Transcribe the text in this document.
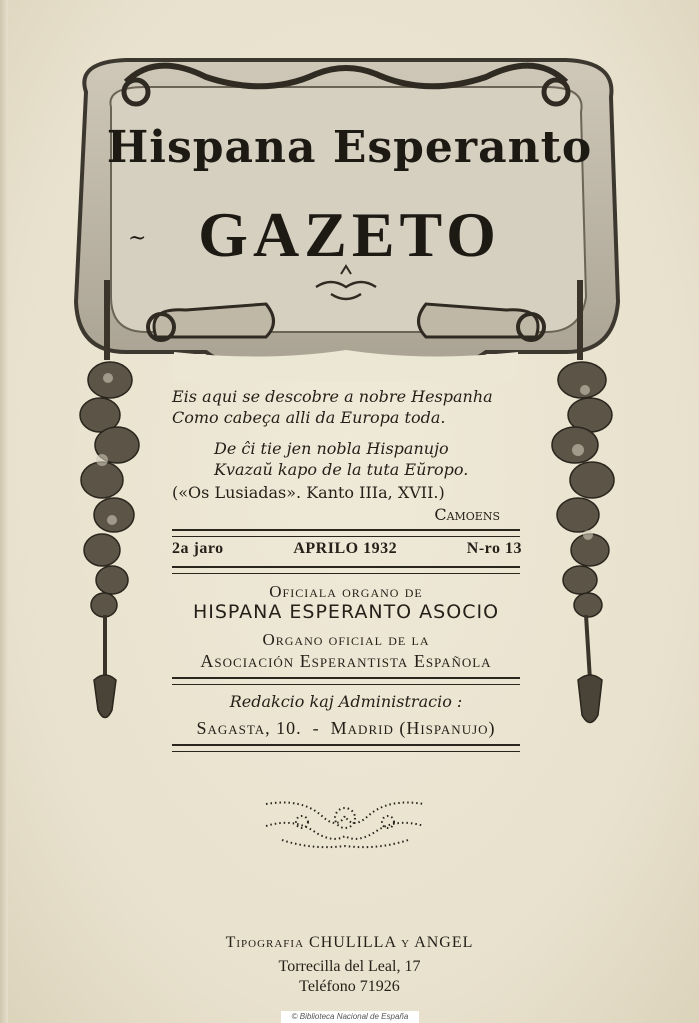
Hispana Esperanto
~ GAZETO
Eis aqui se descobre a nobre Hespanha
Como cabeça alli da Europa toda.
De ĉi tie jen nobla Hispanujo
Kvazaŭ kapo de la tuta Eŭropo.
(«Os Lusiadas». Kanto IIIa, XVII.)
Camoens
2a jaro	APRILO 1932	N-ro 13
Oficiala organo de
HISPANA ESPERANTO ASOCIO
Organo oficial de la
Asociación Esperantista Española
Redakcio kaj Administracio :
Sagasta, 10.  -  Madrid (Hispanujo)
Tipografia CHULILLA y ANGEL
Torrecilla del Leal, 17
Teléfono 71926
© Biblioteca Nacional de España
